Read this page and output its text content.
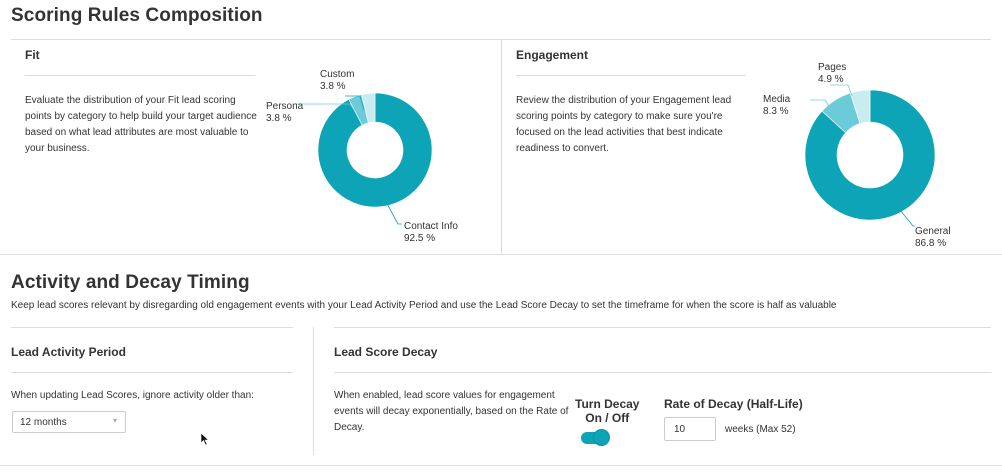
Scoring Rules Composition
Fit
Evaluate the distribution of your Fit lead scoring
points by category to help build your target audience
based on what lead attributes are most valuable to
your business.
Engagement
Review the distribution of your Engagement lead
scoring points by category to make sure you're
focused on the lead activities that best indicate
readiness to convert.
Custom
3.8 %
Persona
3.8 %
Contact Info
92.5 %
Pages
4.9 %
Media
8.3 %
General
86.8 %
Activity and Decay Timing
Keep lead scores relevant by disregarding old engagement events with your Lead Activity Period and use the Lead Score Decay to set the timeframe for when the score is half as valuable
Lead Activity Period
When updating Lead Scores, ignore activity older than:
12 months	▾
Lead Score Decay
When enabled, lead score values for engagement
events will decay exponentially, based on the Rate of
Decay.
Turn Decay
On / Off
Rate of Decay (Half-Life)
10	weeks (Max 52)
